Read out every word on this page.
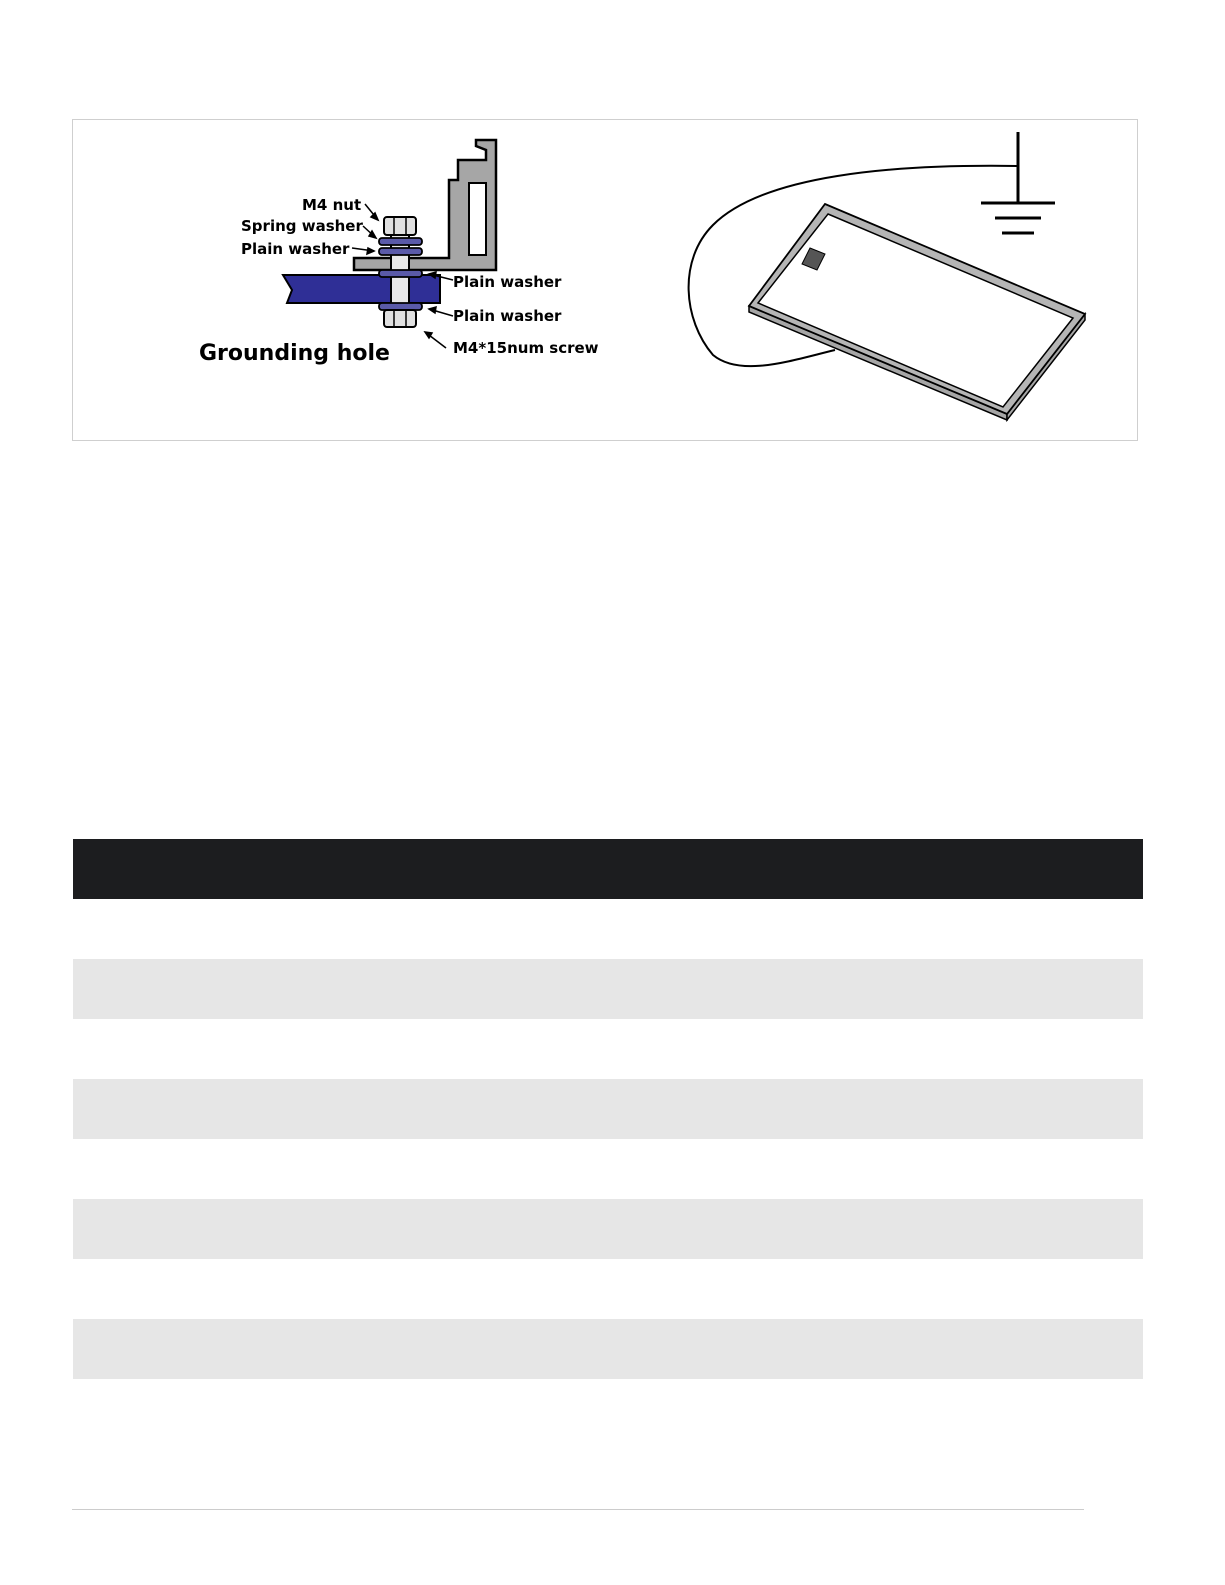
M4 nut
Spring washer
Plain washer
Plain washer
Plain washer
M4*15num screw
Grounding hole
